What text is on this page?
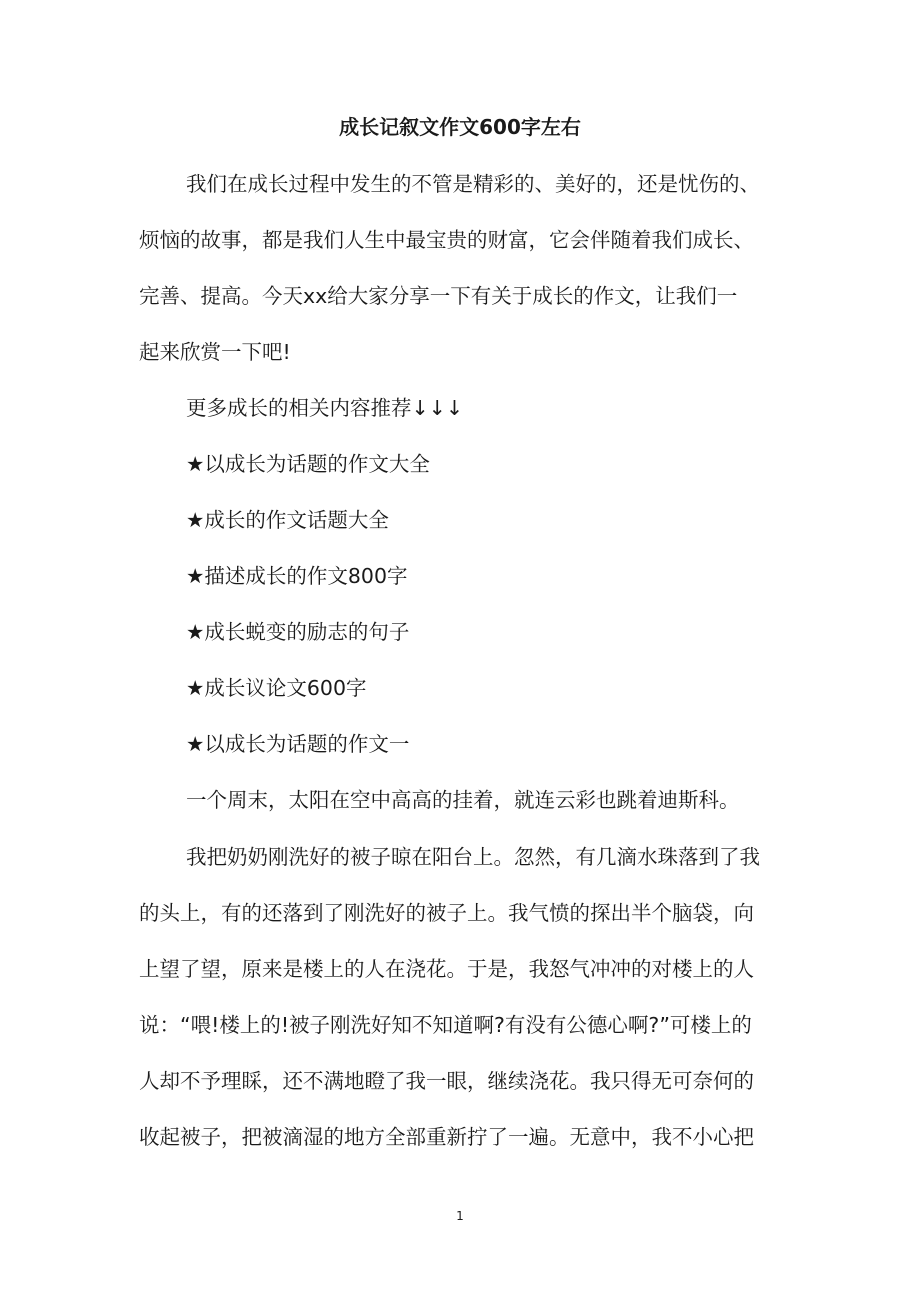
成长记叙文作文600字左右
我们在成长过程中发生的不管是精彩的、美好的，还是忧伤的、
烦恼的故事，都是我们人生中最宝贵的财富，它会伴随着我们成长、
完善、提高。今天xx给大家分享一下有关于成长的作文，让我们一
起来欣赏一下吧!
更多成长的相关内容推荐↓↓↓
★以成长为话题的作文大全
★成长的作文话题大全
★描述成长的作文800字
★成长蜕变的励志的句子
★成长议论文600字
★以成长为话题的作文一
一个周末，太阳在空中高高的挂着，就连云彩也跳着迪斯科。
我把奶奶刚洗好的被子晾在阳台上。忽然，有几滴水珠落到了我
的头上，有的还落到了刚洗好的被子上。我气愤的探出半个脑袋，向
上望了望，原来是楼上的人在浇花。于是，我怒气冲冲的对楼上的人
说：“喂!楼上的!被子刚洗好知不知道啊?有没有公德心啊?”可楼上的
人却不予理睬，还不满地瞪了我一眼，继续浇花。我只得无可奈何的
收起被子，把被滴湿的地方全部重新拧了一遍。无意中，我不小心把
1
